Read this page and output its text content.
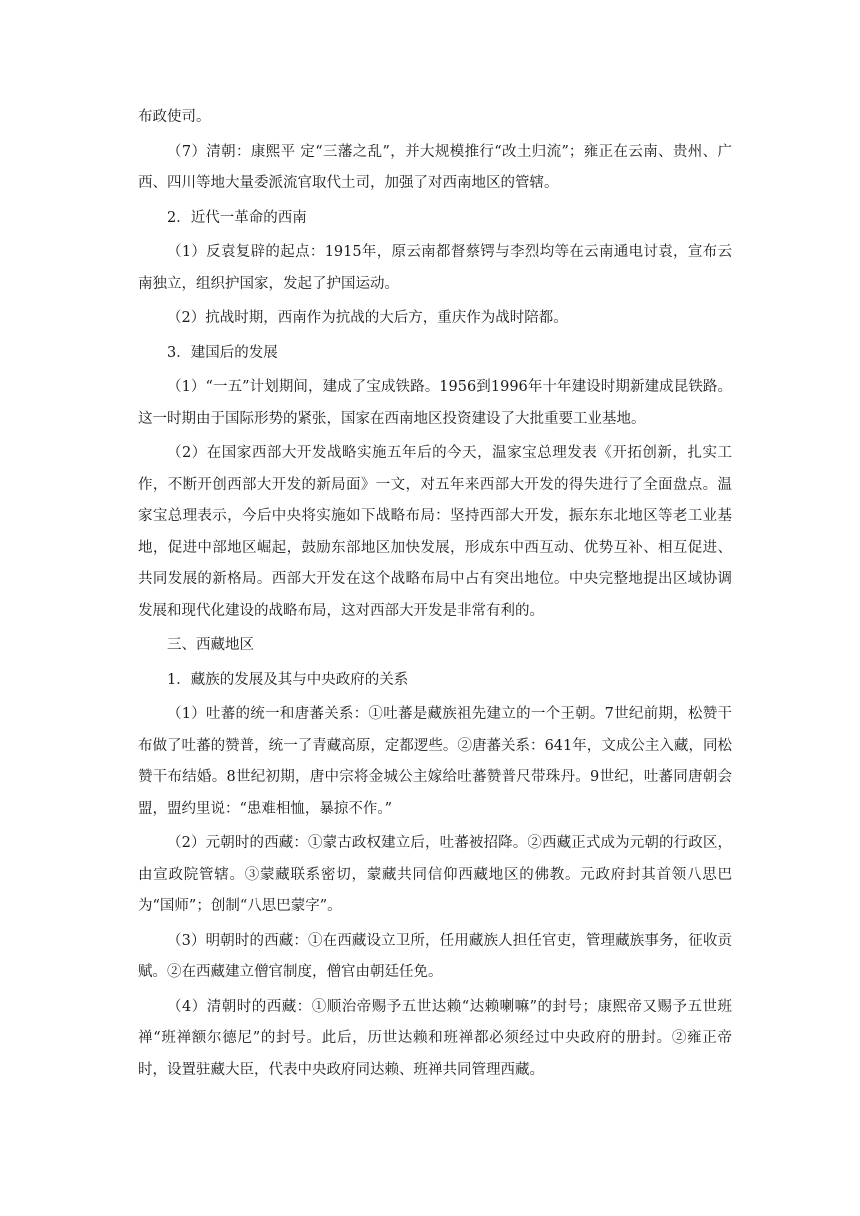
布政使司。

（7）清朝：康熙平 定“三藩之乱”，并大规模推行“改土归流”；雍正在云南、贵州、广西、四川等地大量委派流官取代土司，加强了对西南地区的管辖。

2．近代一革命的西南

（1）反袁复辟的起点：1915年，原云南都督蔡锷与李烈均等在云南通电讨袁，宣布云南独立，组织护国家，发起了护国运动。

（2）抗战时期，西南作为抗战的大后方，重庆作为战时陪都。

3．建国后的发展

（1）“一五”计划期间，建成了宝成铁路。1956到1996年十年建设时期新建成昆铁路。这一时期由于国际形势的紧张，国家在西南地区投资建设了大批重要工业基地。

（2）在国家西部大开发战略实施五年后的今天，温家宝总理发表《开拓创新，扎实工作，不断开创西部大开发的新局面》一文，对五年来西部大开发的得失进行了全面盘点。温家宝总理表示，今后中央将实施如下战略布局：坚持西部大开发，振东东北地区等老工业基地，促进中部地区崛起，鼓励东部地区加快发展，形成东中西互动、优势互补、相互促进、共同发展的新格局。西部大开发在这个战略布局中占有突出地位。中央完整地提出区域协调发展和现代化建设的战略布局，这对西部大开发是非常有利的。

三、西藏地区

1．藏族的发展及其与中央政府的关系

（1）吐蕃的统一和唐蕃关系：①吐蕃是藏族祖先建立的一个王朝。7世纪前期，松赞干布做了吐蕃的赞普，统一了青藏高原，定都逻些。②唐蕃关系：641年，文成公主入藏，同松赞干布结婚。8世纪初期，唐中宗将金城公主嫁给吐蕃赞普尺带珠丹。9世纪，吐蕃同唐朝会盟，盟约里说：“患难相恤，暴掠不作。”

（2）元朝时的西藏：①蒙古政权建立后，吐蕃被招降。②西藏正式成为元朝的行政区，由宣政院管辖。③蒙藏联系密切，蒙藏共同信仰西藏地区的佛教。元政府封其首领八思巴为“国师”；创制“八思巴蒙字”。

（3）明朝时的西藏：①在西藏设立卫所，任用藏族人担任官吏，管理藏族事务，征收贡赋。②在西藏建立僧官制度，僧官由朝廷任免。

（4）清朝时的西藏：①顺治帝赐予五世达赖“达赖喇嘛”的封号；康熙帝又赐予五世班禅“班禅额尔德尼”的封号。此后，历世达赖和班禅都必须经过中央政府的册封。②雍正帝时，设置驻藏大臣，代表中央政府同达赖、班禅共同管理西藏。
